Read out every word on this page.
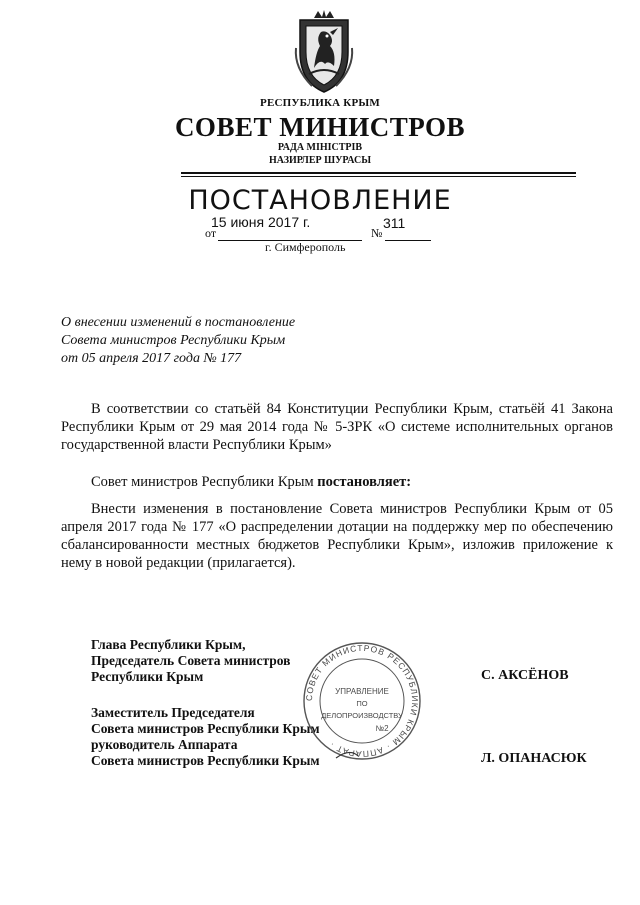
РЕСПУБЛИКА КРЫМ
СОВЕТ МИНИСТРОВ
РАДА МІНІСТРІВ
НАЗИРЛЕР ШУРАСЫ
ПОСТАНОВЛЕНИЕ
от
15 июня 2017 г.
№
311
г. Симферополь
О внесении изменений в постановление
Совета министров Республики Крым
от 05 апреля 2017 года № 177
В соответствии со статьёй 84 Конституции Республики Крым, статьёй 41 Закона Республики Крым от 29 мая 2014 года № 5-ЗРК «О системе исполнительных органов государственной власти Республики Крым»
Совет министров Республики Крым постановляет:
Внести изменения в постановление Совета министров Республики Крым от 05 апреля 2017 года № 177 «О распределении дотации на поддержку мер по обеспечению сбалансированности местных бюджетов Республики Крым», изложив приложение к нему в новой редакции (прилагается).
Глава Республики Крым,
Председатель Совета министров
Республики Крым	С. АКСЁНОВ
Заместитель Председателя
Совета министров Республики Крым
руководитель Аппарата
Совета министров Республики Крым	Л. ОПАНАСЮК
СОВЕТ МИНИСТРОВ РЕСПУБЛИКИ КРЫМ · АППАРАТ ·
УПРАВЛЕНИЕ
ПО
ДЕЛОПРОИЗВОДСТВУ
№2
